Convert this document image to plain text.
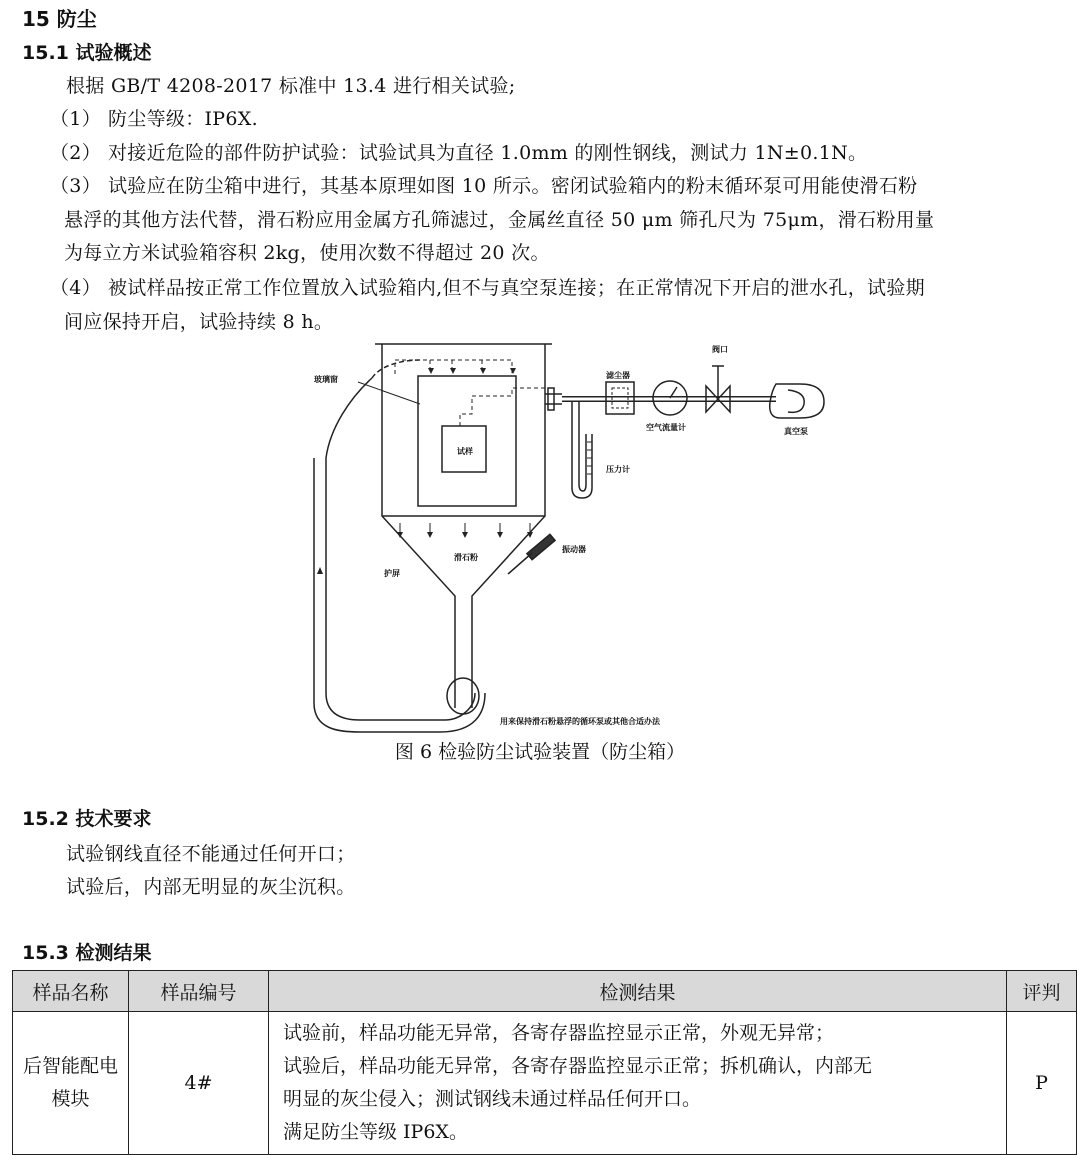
15 防尘
15.1 试验概述
根据 GB/T 4208-2017 标准中 13.4 进行相关试验;
（1） 防尘等级：IP6X.
（2） 对接近危险的部件防护试验：试验试具为直径 1.0mm 的刚性钢线，测试力 1N±0.1N。
（3） 试验应在防尘箱中进行，其基本原理如图 10 所示。密闭试验箱内的粉末循环泵可用能使滑石粉
悬浮的其他方法代替，滑石粉应用金属方孔筛滤过，金属丝直径 50 μm 筛孔尺为 75μm，滑石粉用量
为每立方米试验箱容积 2kg，使用次数不得超过 20 次。
（4） 被试样品按正常工作位置放入试验箱内,但不与真空泵连接；在正常情况下开启的泄水孔，试验期
间应保持开启，试验持续 8 h。
玻璃窗
试样
滤尘器
阀口
空气流量计	真空泵
压力计
滑石粉
振动器
护屏
用来保持滑石粉悬浮的循环泵或其他合适办法
图 6 检验防尘试验装置（防尘箱）
15.2 技术要求
试验钢线直径不能通过任何开口；
试验后，内部无明显的灰尘沉积。
15.3 检测结果
样品名称	样品编号	检测结果	评判
后智能配电模块	4#	试验前，样品功能无异常，各寄存器监控显示正常，外观无异常；
试验后，样品功能无异常，各寄存器监控显示正常；拆机确认，内部无
明显的灰尘侵入；测试钢线未通过样品任何开口。
满足防尘等级 IP6X。	P
